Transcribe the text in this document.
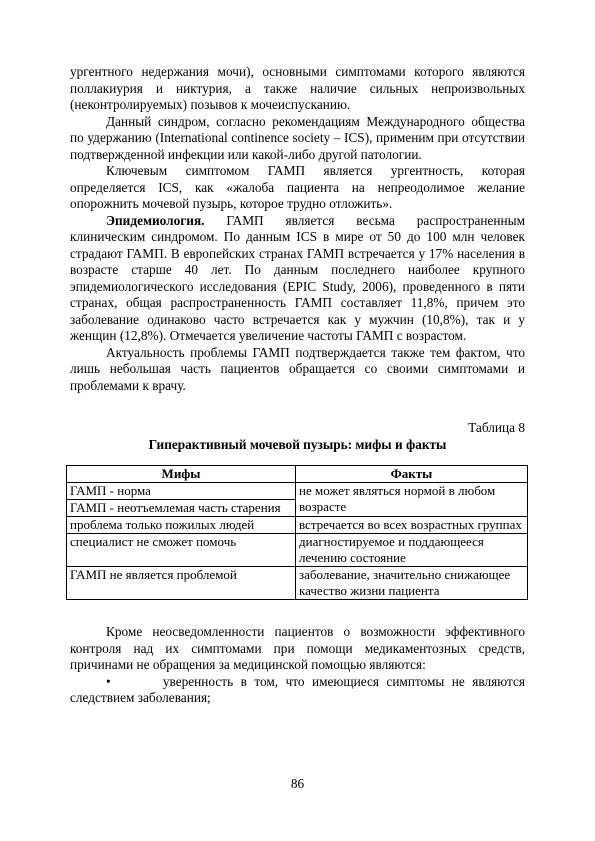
ургентного недержания мочи), основными симптомами которого являются поллакиурия и никтурия, а также наличие сильных непроизвольных (неконтролируемых) позывов к мочеиспусканию.

Данный синдром, согласно рекомендациям Международного общества по удержанию (International continence society – ICS), применим при отсутствии подтвержденной инфекции или какой-либо другой патологии.

Ключевым симптомом ГАМП является ургентность, которая определяется ICS, как «жалоба пациента на непреодолимое желание опорожнить мочевой пузырь, которое трудно отложить».

Эпидемиология. ГАМП является весьма распространенным клиническим синдромом. По данным ICS в мире от 50 до 100 млн человек страдают ГАМП. В европейских странах ГАМП встречается у 17% населения в возрасте старше 40 лет. По данным последнего наиболее крупного эпидемиологического исследования (EPIC Study, 2006), проведенного в пяти странах, общая распространенность ГАМП составляет 11,8%, причем это заболевание одинаково часто встречается как у мужчин (10,8%), так и у женщин (12,8%). Отмечается увеличение частоты ГАМП с возрастом.

Актуальность проблемы ГАМП подтверждается также тем фактом, что лишь небольшая часть пациентов обращается со своими симптомами и проблемами к врачу.

Таблица 8
Гиперактивный мочевой пузырь: мифы и факты
Мифы	Факты
ГАМП - норма	не может являться нормой в любом возрасте
ГАМП - неотъемлемая часть старения	
проблема только пожилых людей	встречается во всех возрастных группах
специалист не сможет помочь	диагностируемое и поддающееся лечению состояние
ГАМП не является проблемой	заболевание, значительно снижающее качество жизни пациента

Кроме неосведомленности пациентов о возможности эффективного контроля над их симптомами при помощи медикаментозных средств, причинами не обращения за медицинской помощью являются:

•	уверенность в том, что имеющиеся симптомы не являются следствием заболевания;

86
